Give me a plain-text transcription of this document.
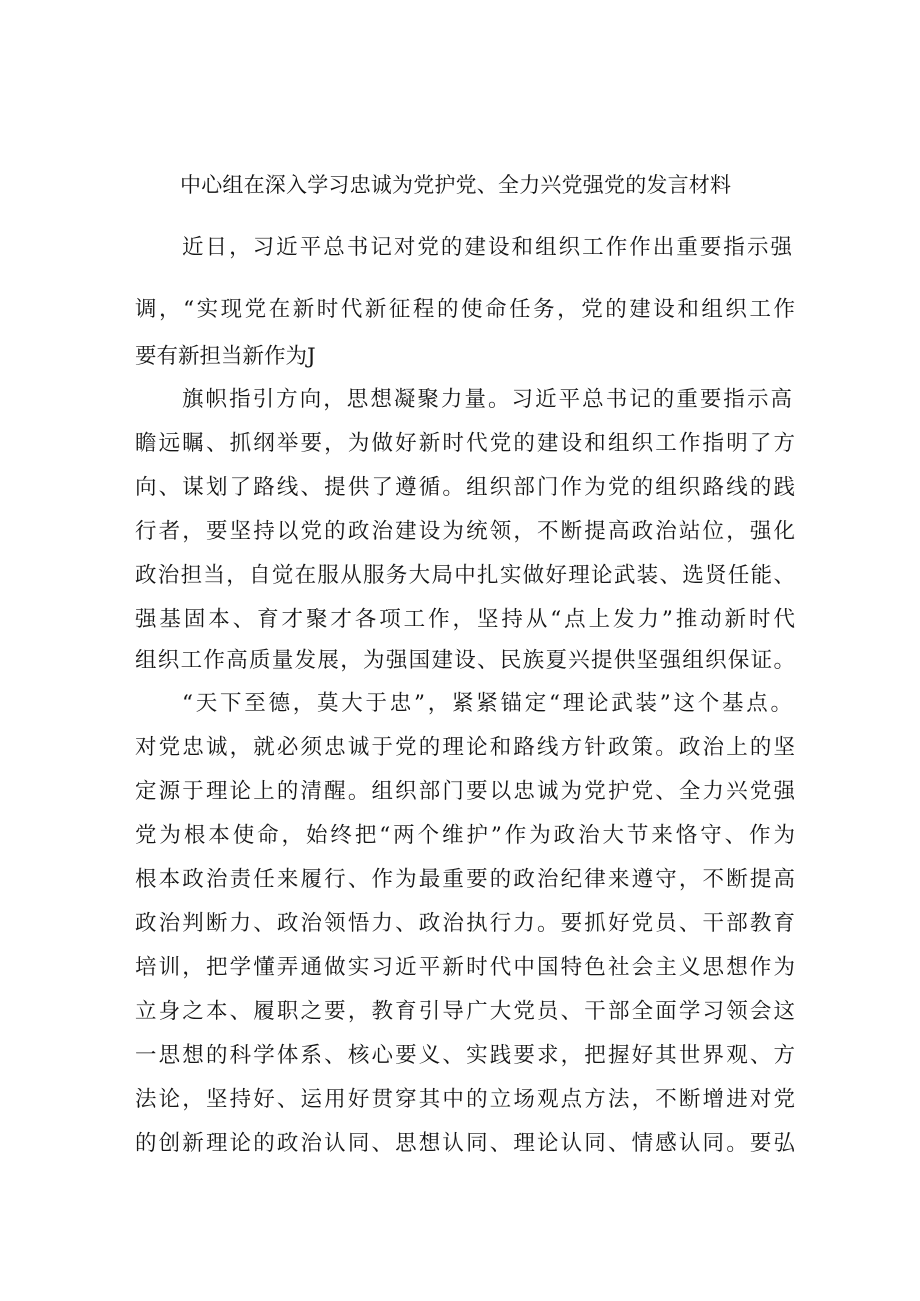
中心组在深入学习忠诚为党护党、全力兴党强党的发言材料
近日，习近平总书记对党的建设和组织工作作出重要指示强
调，“实现党在新时代新征程的使命任务，党的建设和组织工作
要有新担当新作为J
旗帜指引方向，思想凝聚力量。习近平总书记的重要指示高
瞻远瞩、抓纲举要，为做好新时代党的建设和组织工作指明了方
向、谋划了路线、提供了遵循。组织部门作为党的组织路线的践
行者，要坚持以党的政治建设为统领，不断提高政治站位，强化
政治担当，自觉在服从服务大局中扎实做好理论武装、选贤任能、
强基固本、育才聚才各项工作，坚持从“点上发力”推动新时代
组织工作高质量发展，为强国建设、民族夏兴提供坚强组织保证。
“天下至德，莫大于忠”，紧紧锚定“理论武装”这个基点。
对党忠诚，就必须忠诚于党的理论和路线方针政策。政治上的坚
定源于理论上的清醒。组织部门要以忠诚为党护党、全力兴党强
党为根本使命，始终把“两个维护”作为政治大节来恪守、作为
根本政治责任来履行、作为最重要的政治纪律来遵守，不断提高
政治判断力、政治领悟力、政治执行力。要抓好党员、干部教育
培训，把学懂弄通做实习近平新时代中国特色社会主义思想作为
立身之本、履职之要，教育引导广大党员、干部全面学习领会这
一思想的科学体系、核心要义、实践要求，把握好其世界观、方
法论，坚持好、运用好贯穿其中的立场观点方法，不断增进对党
的创新理论的政治认同、思想认同、理论认同、情感认同。要弘
